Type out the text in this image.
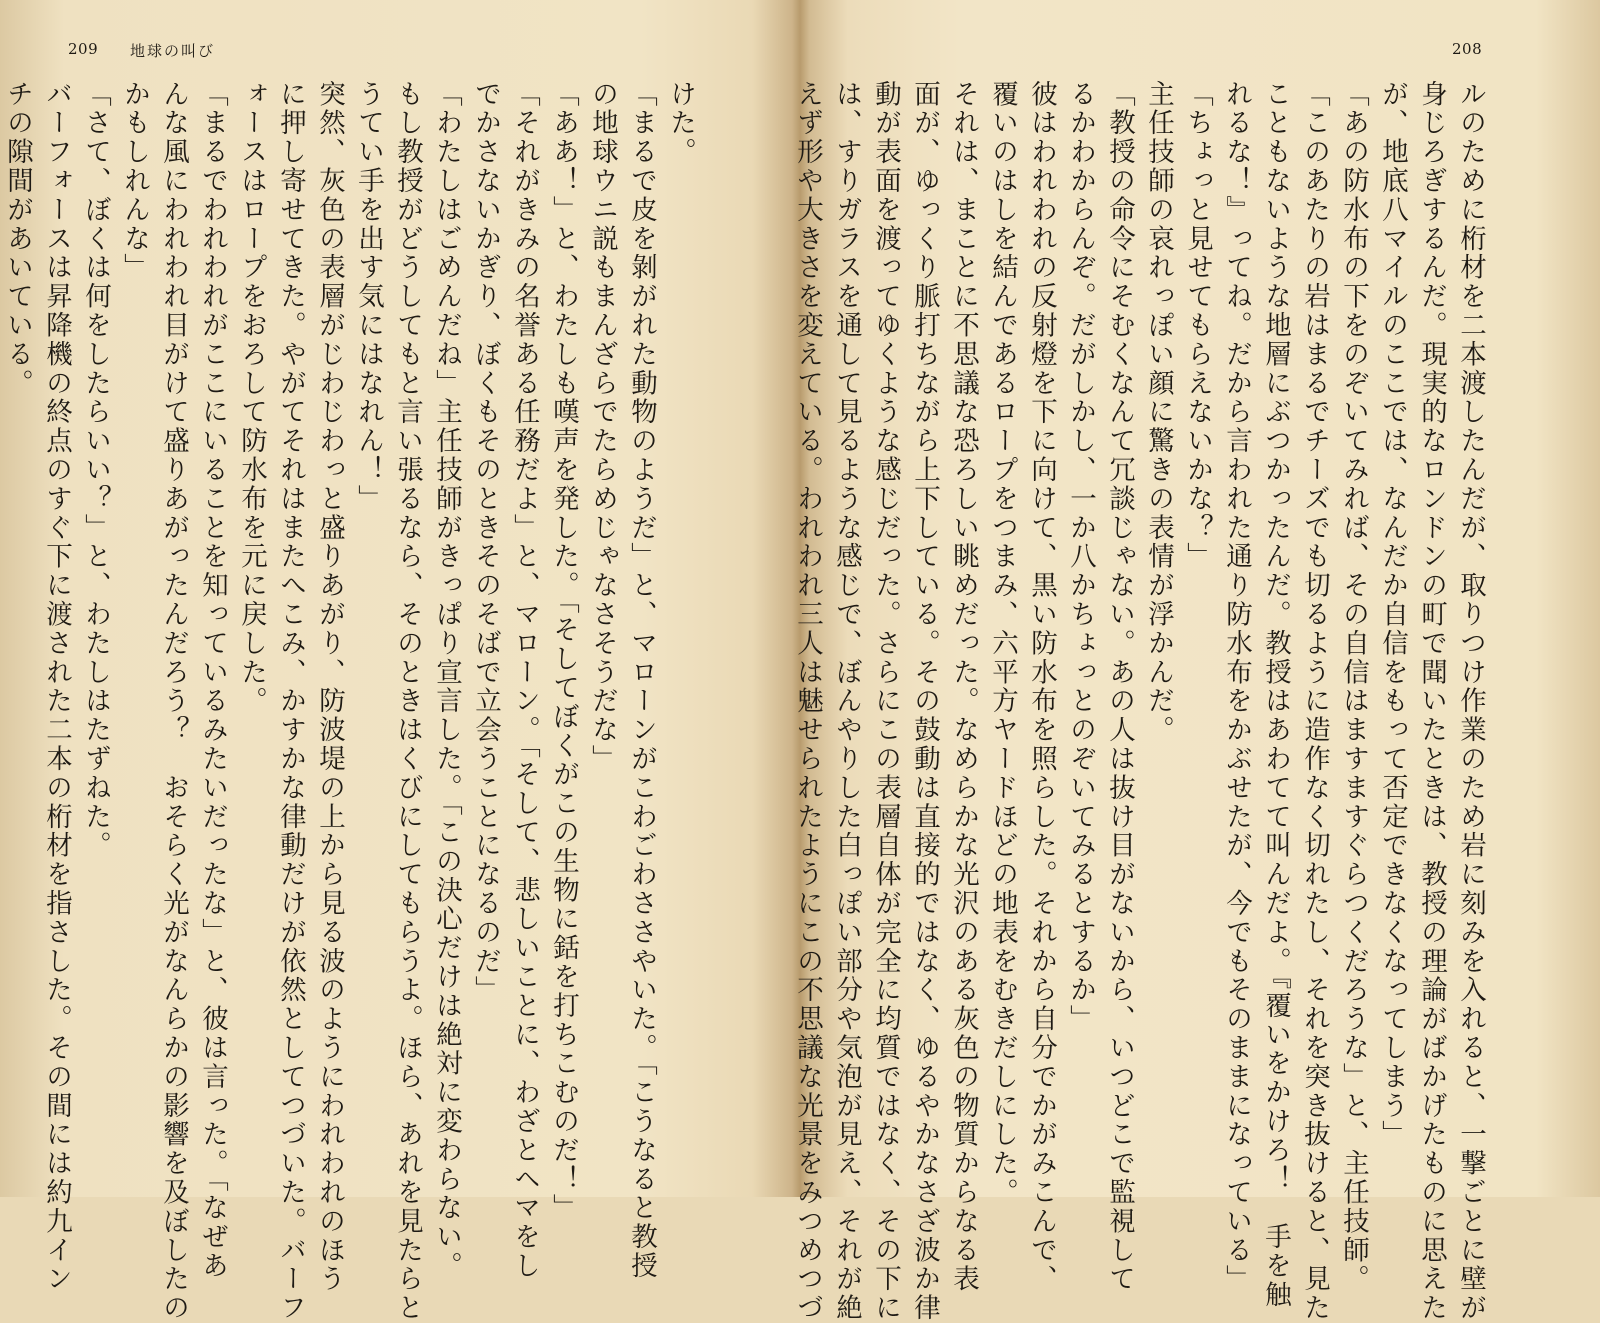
209 地球の叫び	208
けた。
「まるで皮を剝がれた動物のようだ」と、マローンがこわごわささやいた。「こうなると教授
の地球ウニ説もまんざらでたらめじゃなさそうだな」
「ああ！」と、わたしも嘆声を発した。「そしてぼくがこの生物に銛を打ちこむのだ！」
「それがきみの名誉ある任務だよ」と、マローン。「そして、悲しいことに、わざとヘマをし
でかさないかぎり、ぼくもそのときそのそばで立会うことになるのだ」
「わたしはごめんだね」主任技師がきっぱり宣言した。「この決心だけは絶対に変わらない。
もし教授がどうしてもと言い張るなら、そのときはくびにしてもらうよ。ほら、あれを見たらと
うてい手を出す気にはなれん！」
突然、灰色の表層がじわじわっと盛りあがり、防波堤の上から見る波のようにわれわれのほう
に押し寄せてきた。やがてそれはまたへこみ、かすかな律動だけが依然としてつづいた。バーフ
ォースはロープをおろして防水布を元に戻した。
「まるでわれわれがここにいることを知っているみたいだったな」と、彼は言った。「なぜあ
んな風にわれわれ目がけて盛りあがったんだろう？　おそらく光がなんらかの影響を及ぼしたの
かもしれんな」
「さて、ぼくは何をしたらいい？」と、わたしはたずねた。
バーフォースは昇降機の終点のすぐ下に渡された二本の桁材を指さした。その間には約九イン
チの隙間があいている。	ルのために桁材を二本渡したんだが、取りつけ作業のため岩に刻みを入れると、一撃ごとに壁が
身じろぎするんだ。現実的なロンドンの町で聞いたときは、教授の理論がばかげたものに思えた
が、地底八マイルのここでは、なんだか自信をもって否定できなくなってしまう」
「あの防水布の下をのぞいてみれば、その自信はますますぐらつくだろうな」と、主任技師。
「このあたりの岩はまるでチーズでも切るように造作なく切れたし、それを突き抜けると、見た
こともないような地層にぶつかったんだ。教授はあわてて叫んだよ。『覆いをかけろ！　手を触
れるな！』ってね。だから言われた通り防水布をかぶせたが、今でもそのままになっている」
「ちょっと見せてもらえないかな？」
主任技師の哀れっぽい顔に驚きの表情が浮かんだ。
「教授の命令にそむくなんて冗談じゃない。あの人は抜け目がないから、いつどこで監視して
るかわからんぞ。だがしかし、一か八かちょっとのぞいてみるとするか」
彼はわれわれの反射燈を下に向けて、黒い防水布を照らした。それから自分でかがみこんで、
覆いのはしを結んであるロープをつまみ、六平方ヤードほどの地表をむきだしにした。
それは、まことに不思議な恐ろしい眺めだった。なめらかな光沢のある灰色の物質からなる表
面が、ゆっくり脈打ちながら上下している。その鼓動は直接的ではなく、ゆるやかなさざ波か律
動が表面を渡ってゆくような感じだった。さらにこの表層自体が完全に均質ではなく、その下に
は、すりガラスを通して見るような感じで、ぼんやりした白っぽい部分や気泡が見え、それが絶
えず形や大きさを変えている。われわれ三人は魅せられたようにこの不思議な光景をみつめつづ
